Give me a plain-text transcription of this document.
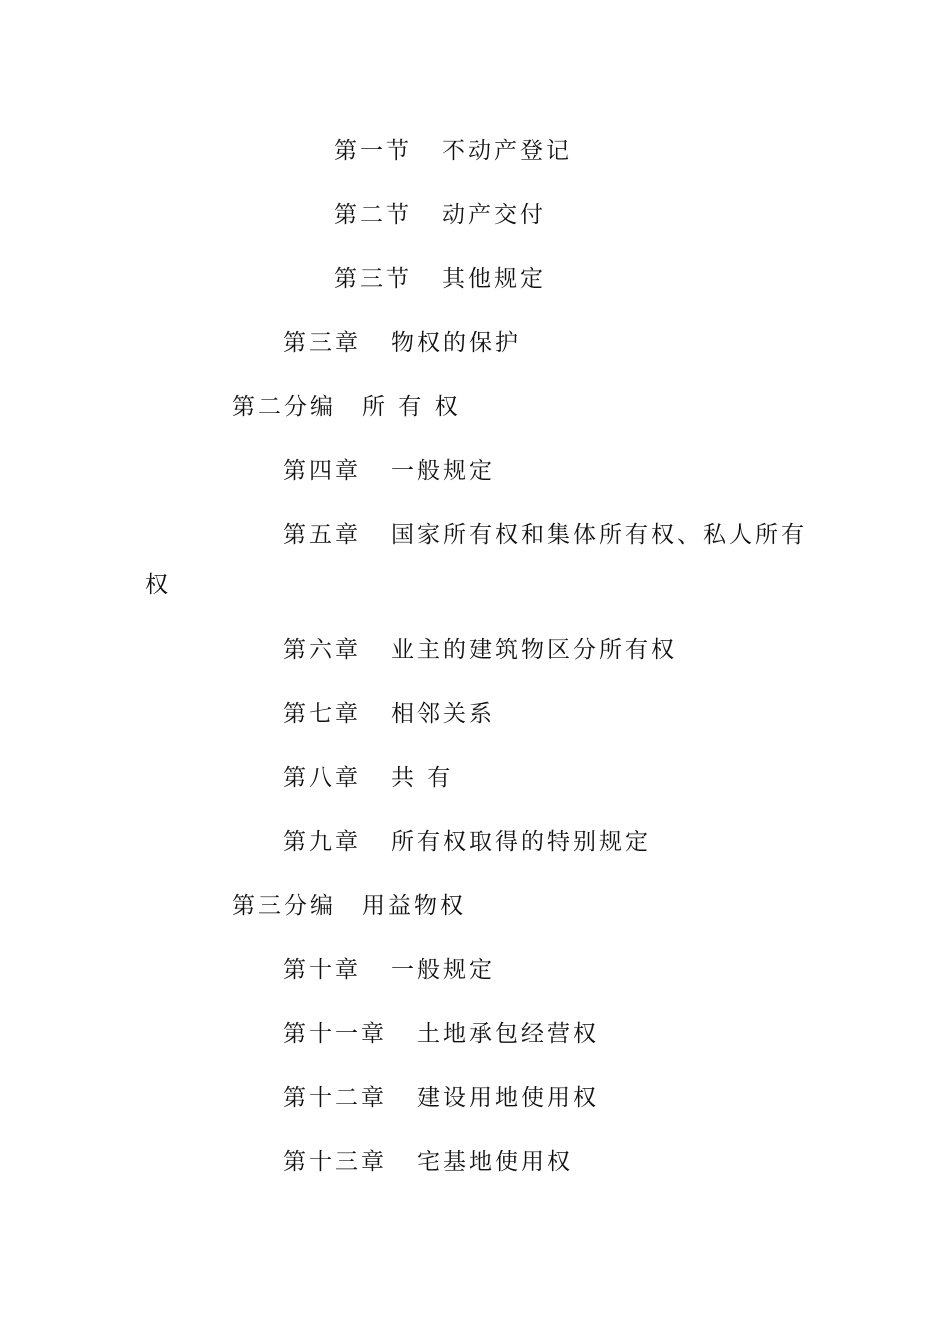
第一节 不动产登记
第二节 动产交付
第三节 其他规定
第三章 物权的保护
第二分编 所 有 权
第四章 一般规定
第五章 国家所有权和集体所有权、私人所有
权
第六章 业主的建筑物区分所有权
第七章 相邻关系
第八章 共 有
第九章 所有权取得的特别规定
第三分编 用益物权
第十章 一般规定
第十一章 土地承包经营权
第十二章 建设用地使用权
第十三章 宅基地使用权
